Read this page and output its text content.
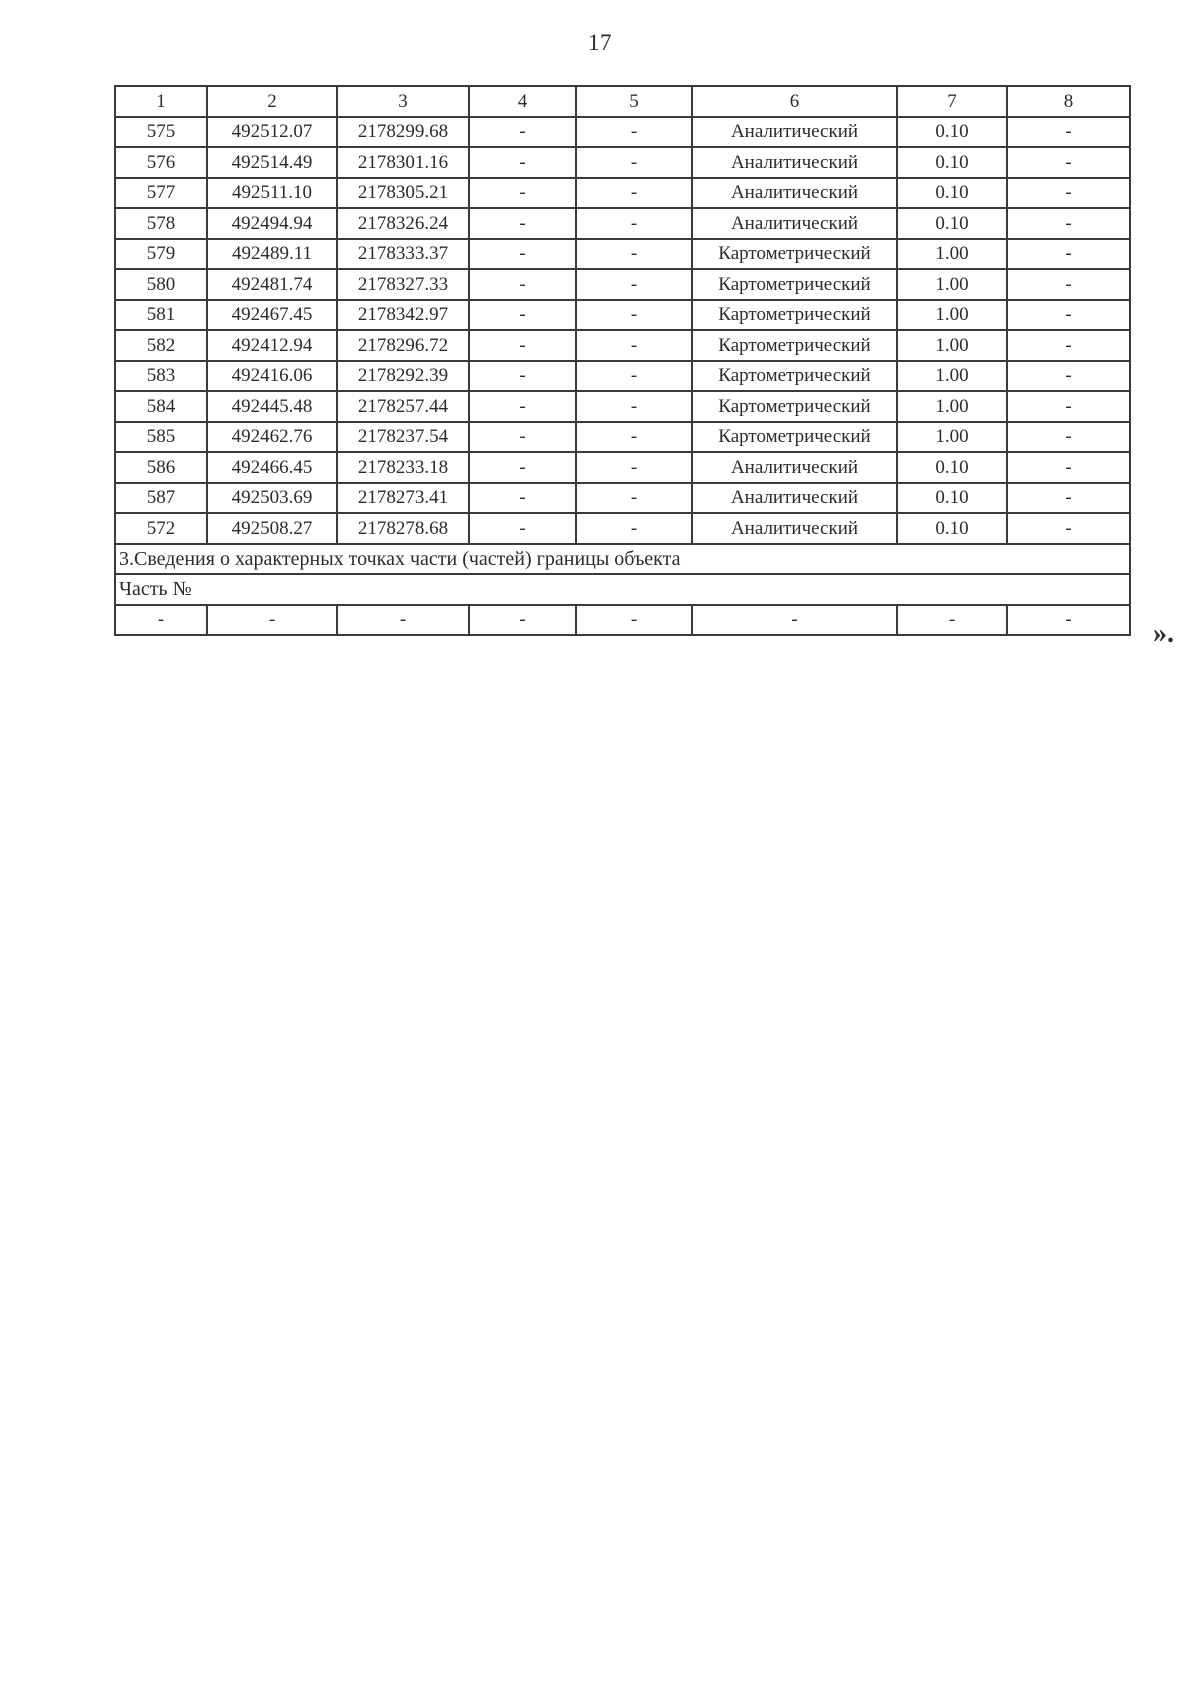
17
1	2	3	4	5	6	7	8
575	492512.07	2178299.68	-	-	Аналитический	0.10	-
576	492514.49	2178301.16	-	-	Аналитический	0.10	-
577	492511.10	2178305.21	-	-	Аналитический	0.10	-
578	492494.94	2178326.24	-	-	Аналитический	0.10	-
579	492489.11	2178333.37	-	-	Картометрический	1.00	-
580	492481.74	2178327.33	-	-	Картометрический	1.00	-
581	492467.45	2178342.97	-	-	Картометрический	1.00	-
582	492412.94	2178296.72	-	-	Картометрический	1.00	-
583	492416.06	2178292.39	-	-	Картометрический	1.00	-
584	492445.48	2178257.44	-	-	Картометрический	1.00	-
585	492462.76	2178237.54	-	-	Картометрический	1.00	-
586	492466.45	2178233.18	-	-	Аналитический	0.10	-
587	492503.69	2178273.41	-	-	Аналитический	0.10	-
572	492508.27	2178278.68	-	-	Аналитический	0.10	-
3.Сведения о характерных точках части (частей) границы объекта							
Часть №							
-	-	-	-	-	-	-	-	».
